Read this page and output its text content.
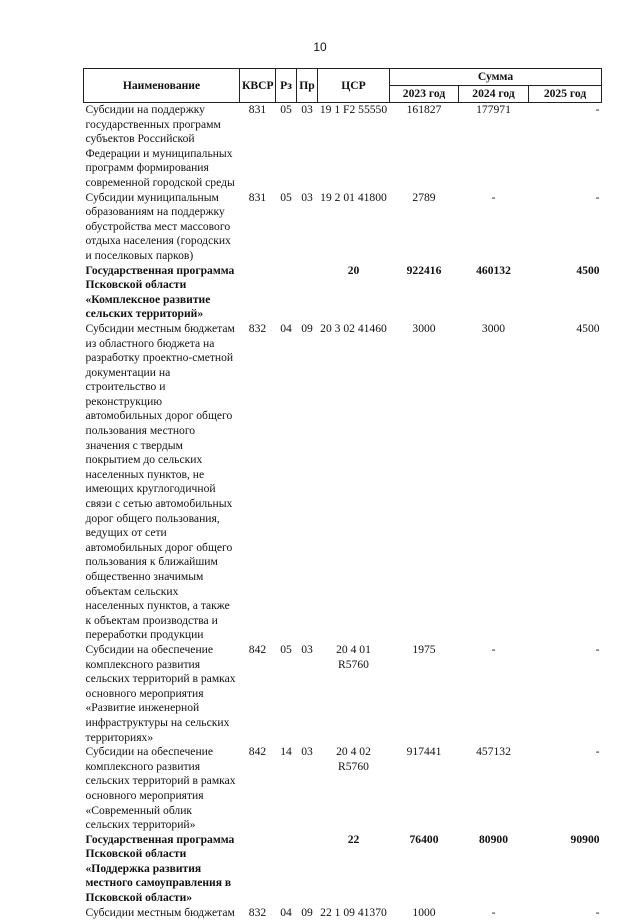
10
Наименование	КВСР	Рз	Пр	ЦСР	Сумма		
					2023 год	2024 год	2025 год
Субсидии на поддержку государственных программ субъектов Российской Федерации и муниципальных программ формирования современной городской среды	831	05	03	19 1 F2 55550	161827	177971	-
Субсидии муниципальным образованиям на поддержку обустройства мест массового отдыха населения (городских и поселковых парков)	831	05	03	19 2 01 41800	2789	-	-
Государственная программа Псковской области «Комплексное развитие сельских территорий»				20	922416	460132	4500
Субсидии местным бюджетам из областного бюджета на разработку проектно-сметной документации на строительство и реконструкцию автомобильных дорог общего пользования местного значения с твердым покрытием до сельских населенных пунктов, не имеющих круглогодичной связи с сетью автомобильных дорог общего пользования, ведущих от сети автомобильных дорог общего пользования к ближайшим общественно значимым объектам сельских населенных пунктов, а также к объектам производства и переработки продукции	832	04	09	20 3 02 41460	3000	3000	4500
Субсидии на обеспечение комплексного развития сельских территорий в рамках основного мероприятия «Развитие инженерной инфраструктуры на сельских территориях»	842	05	03	20 4 01 R5760	1975	-	-
Субсидии на обеспечение комплексного развития сельских территорий в рамках основного мероприятия «Современный облик сельских территорий»	842	14	03	20 4 02 R5760	917441	457132	-
Государственная программа Псковской области «Поддержка развития местного самоуправления в Псковской области»				22	76400	80900	90900
Субсидии местным бюджетам	832	04	09	22 1 09 41370	1000	-	-
